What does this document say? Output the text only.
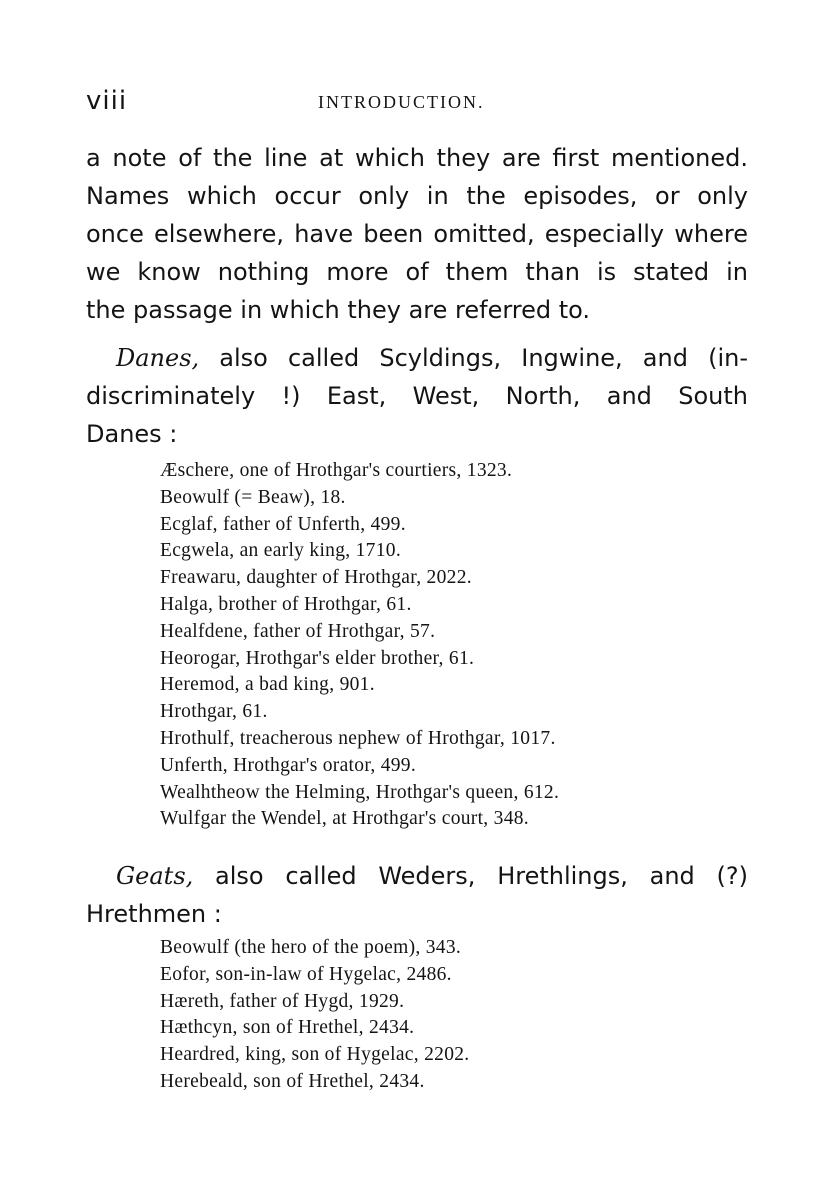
viii	INTRODUCTION.
a note of the line at which they are first mentioned.
Names which occur only in the episodes, or only
once elsewhere, have been omitted, especially where
we know nothing more of them than is stated in
the passage in which they are referred to.
Danes, also called Scyldings, Ingwine, and (in-
discriminately !) East, West, North, and South
Danes :
Æschere, one of Hrothgar's courtiers, 1323.
Beowulf (= Beaw), 18.
Ecglaf, father of Unferth, 499.
Ecgwela, an early king, 1710.
Freawaru, daughter of Hrothgar, 2022.
Halga, brother of Hrothgar, 61.
Healfdene, father of Hrothgar, 57.
Heorogar, Hrothgar's elder brother, 61.
Heremod, a bad king, 901.
Hrothgar, 61.
Hrothulf, treacherous nephew of Hrothgar, 1017.
Unferth, Hrothgar's orator, 499.
Wealhtheow the Helming, Hrothgar's queen, 612.
Wulfgar the Wendel, at Hrothgar's court, 348.
Geats, also called Weders, Hrethlings, and (?)
Hrethmen :
Beowulf (the hero of the poem), 343.
Eofor, son-in-law of Hygelac, 2486.
Hæreth, father of Hygd, 1929.
Hæthcyn, son of Hrethel, 2434.
Heardred, king, son of Hygelac, 2202.
Herebeald, son of Hrethel, 2434.
